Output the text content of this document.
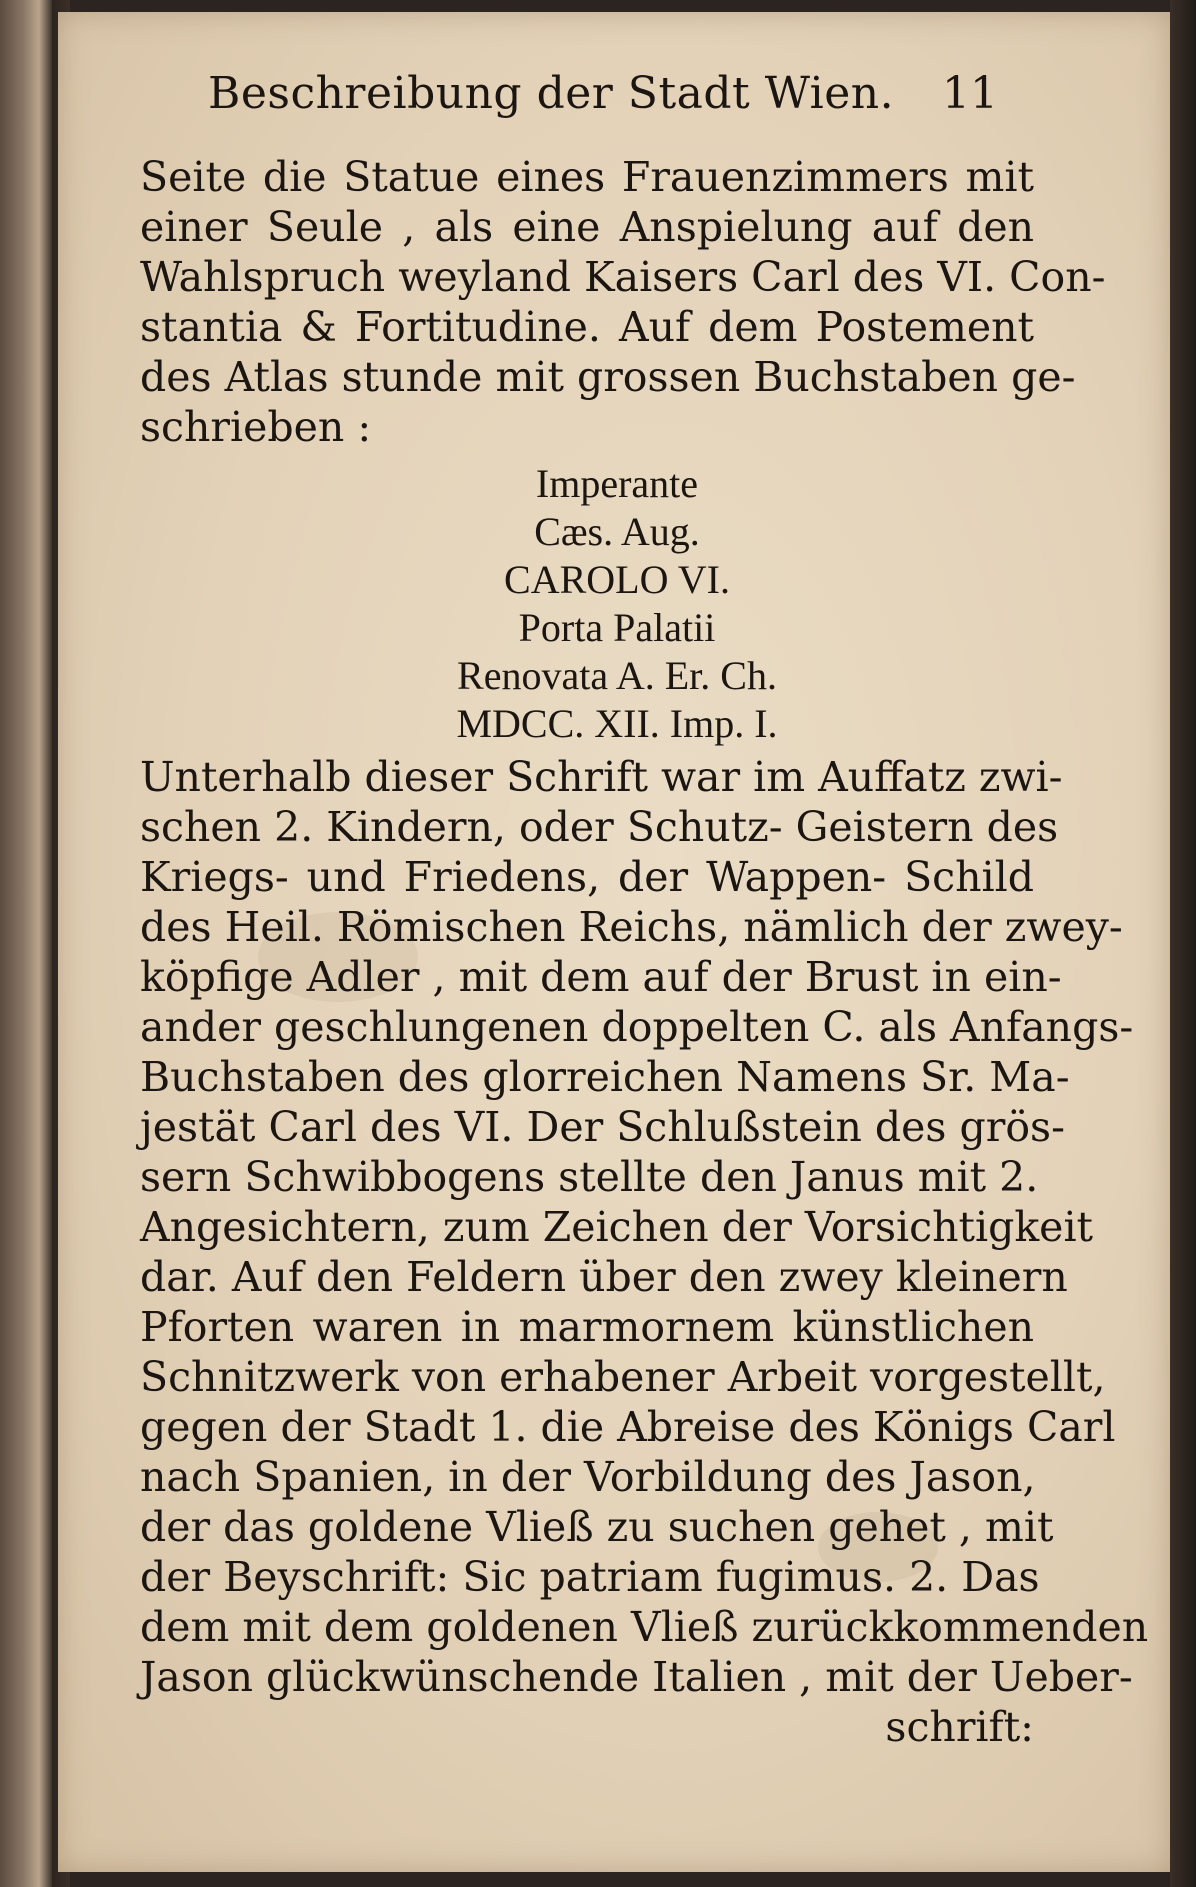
Beschreibung der Stadt Wien. 11
Seite die Statue eines Frauenzimmers mit
einer Seule , als eine Anspielung auf den
Wahlspruch weyland Kaisers Carl des VI. Con-
stantia & Fortitudine. Auf dem Postement
des Atlas stunde mit grossen Buchstaben ge-
schrieben :
Imperante
Cæs. Aug.
CAROLO VI.
Porta Palatii
Renovata A. Er. Ch.
MDCC. XII. Imp. I.
Unterhalb dieser Schrift war im Auffatz zwi-
schen 2. Kindern, oder Schutz- Geistern des
Kriegs- und Friedens, der Wappen- Schild
des Heil. Römischen Reichs, nämlich der zwey-
köpfige Adler , mit dem auf der Brust in ein-
ander geschlungenen doppelten C. als Anfangs-
Buchstaben des glorreichen Namens Sr. Ma-
jestät Carl des VI. Der Schlußstein des grös-
sern Schwibbogens stellte den Janus mit 2.
Angesichtern, zum Zeichen der Vorsichtigkeit
dar. Auf den Feldern über den zwey kleinern
Pforten waren in marmornem künstlichen
Schnitzwerk von erhabener Arbeit vorgestellt,
gegen der Stadt 1. die Abreise des Königs Carl
nach Spanien, in der Vorbildung des Jason,
der das goldene Vließ zu suchen gehet , mit
der Beyschrift: Sic patriam fugimus. 2. Das
dem mit dem goldenen Vließ zurückkommenden
Jason glückwünschende Italien , mit der Ueber-
schrift:
